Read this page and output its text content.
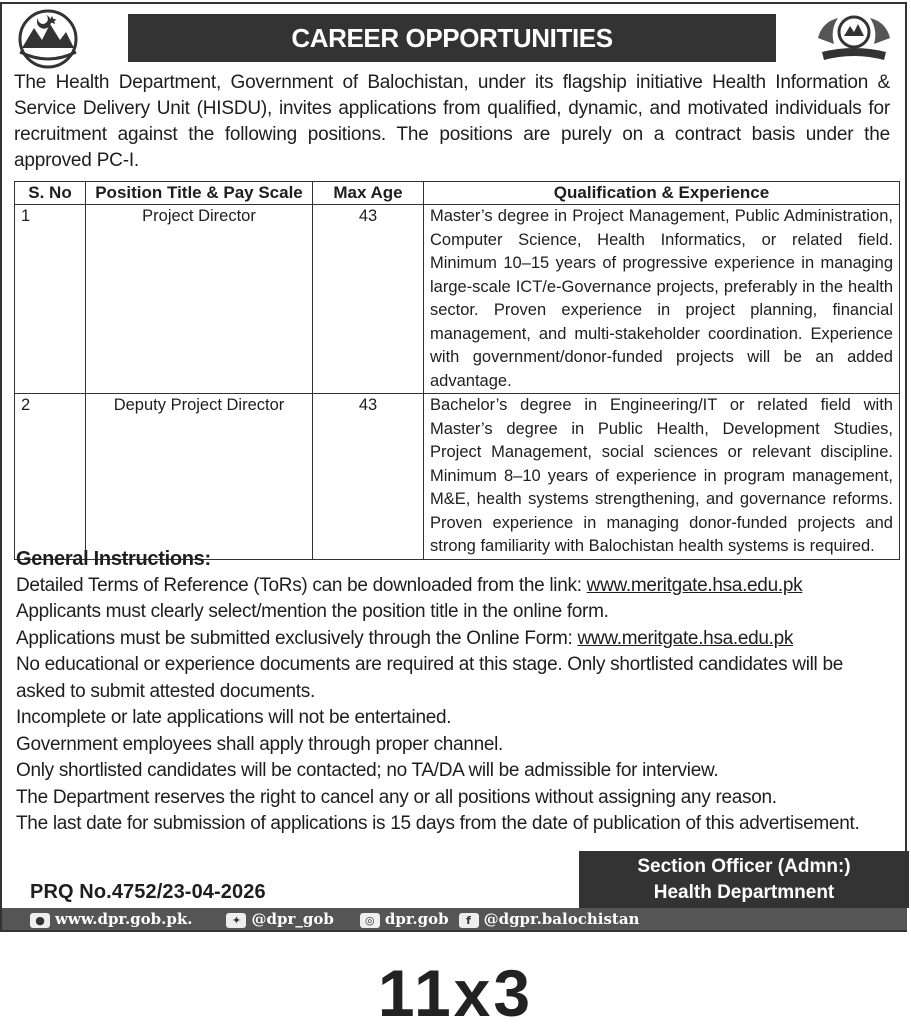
CAREER OPPORTUNITIES
The Health Department, Government of Balochistan, under its flagship initiative Health Information & Service Delivery Unit (HISDU), invites applications from qualified, dynamic, and motivated individuals for recruitment against the following positions. The positions are purely on a contract basis under the approved PC-I.
S. No	Position Title & Pay Scale	Max Age	Qualification & Experience
1	Project Director	43	Master’s degree in Project Management, Public Administration, Computer Science, Health Informatics, or related field. Minimum 10–15 years of progressive experience in managing large-scale ICT/e-Governance projects, preferably in the health sector. Proven experience in project planning, financial management, and multi-stakeholder coordination. Experience with government/donor-funded projects will be an added advantage.
2	Deputy Project Director	43	Bachelor’s degree in Engineering/IT or related field with Master’s degree in Public Health, Development Studies, Project Management, social sciences or relevant discipline. Minimum 8–10 years of experience in program management, M&E, health systems strengthening, and governance reforms. Proven experience in managing donor-funded projects and strong familiarity with Balochistan health systems is required.
General Instructions:

Detailed Terms of Reference (ToRs) can be downloaded from the link: www.meritgate.hsa.edu.pk

Applicants must clearly select/mention the position title in the online form.

Applications must be submitted exclusively through the Online Form: www.meritgate.hsa.edu.pk

No educational or experience documents are required at this stage. Only shortlisted candidates will be asked to submit attested documents.

Incomplete or late applications will not be entertained.

Government employees shall apply through proper channel.

Only shortlisted candidates will be contacted; no TA/DA will be admissible for interview.

The Department reserves the right to cancel any or all positions without assigning any reason.

The last date for submission of applications is 15 days from the date of publication of this advertisement.

PRQ No.4752/23-04-2026
Section Officer (Admn:)
Health Departmnent
● www.dpr.gob.pk.	✦ @dpr_gob	◎ dpr.gob	f @dgpr.balochistan
11x3
